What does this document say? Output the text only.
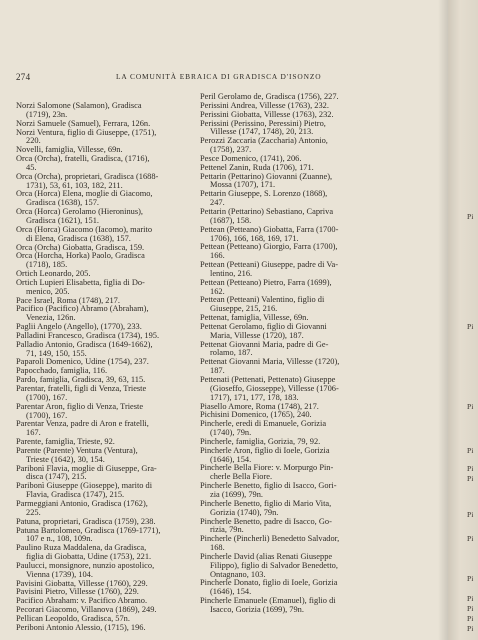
274	LA COMUNITÀ EBRAICA DI GRADISCA D'ISONZO

Norzi Salomone (Salamon), Gradisca
(1719), 23n.

Norzi Samuele (Samuel), Ferrara, 126n.

Norzi Ventura, figlio di Giuseppe, (1751),
220.

Novelli, famiglia, Villesse, 69n.

Orca (Orcha), fratelli, Gradisca, (1716),
45.

Orca (Orcha), proprietari, Gradisca (1688-
1731), 53, 61, 103, 182, 211.

Orca (Horca) Elena, moglie di Giacomo,
Gradisca (1638), 157.

Orca (Horca) Gerolamo (Hieroninus),
Gradisca (1621), 151.

Orca (Horca) Giacomo (Iacomo), marito
di Elena, Gradisca (1638), 157.

Orca (Orcha) Giobatta, Gradisca, 159.

Orca (Horcha, Horka) Paolo, Gradisca
(1718), 185.

Ortich Leonardo, 205.

Ortich Lupieri Elisabetta, figlia di Do-
menico, 205.

Pace Israel, Roma (1748), 217.

Pacifico (Pacifico) Abramo (Abraham),
Venezia, 126n.

Paglii Angelo (Angello), (1770), 233.

Palladini Francesco, Gradisca (1734), 195.

Palladio Antonio, Gradisca (1649-1662),
71, 149, 150, 155.

Paparoli Domenico, Udine (1754), 237.

Papocchado, famiglia, 116.

Pardo, famiglia, Gradisca, 39, 63, 115.

Parentar, fratelli, figli di Venza, Trieste
(1700), 167.

Parentar Aron, figlio di Venza, Trieste
(1700), 167.

Parentar Venza, padre di Aron e fratelli,
167.

Parente, famiglia, Trieste, 92.

Parente (Parente) Ventura (Ventura),
Trieste (1642), 30, 154.

Paribonì Flavia, moglie di Giuseppe, Gra-
disca (1747), 215.

Paribonì Giuseppe (Gioseppe), marito di
Flavia, Gradisca (1747), 215.

Parmeggiani Antonio, Gradisca (1762),
225.

Patuna, proprietari, Gradisca (1759), 238.

Patuna Bartolomeo, Gradisca (1769-1771),
107 e n., 108, 109n.

Paulino Ruza Maddalena, da Gradisca,
figlia di Giobatta, Udine (1753), 221.

Paulucci, monsignore, nunzio apostolico,
Vienna (1739), 104.

Pavisini Giobatta, Villesse (1760), 229.

Pavisini Pietro, Villesse (1760), 229.

Pacifico Abraham: v. Pacifico Abramo.

Pecorari Giacomo, Villanova (1869), 249.

Pellican Leopoldo, Gradisca, 57n.

Periboni Antonio Alessio, (1715), 196.

Peril Gerolamo de, Gradisca (1756), 227.

Perissini Andrea, Villesse (1763), 232.

Perissini Giobatta, Villesse (1763), 232.

Perissini (Perissino, Peressini) Pietro,
Villesse (1747, 1748), 20, 213.

Perozzi Zaccaria (Zaccharia) Antonio,
(1758), 237.

Pesce Domenico, (1741), 206.

Pettenel Zanin, Ruda (1706), 171.

Pettarin (Pettarino) Giovanni (Zuanne),
Mossa (1707), 171.

Pettarin Giuseppe, S. Lorenzo (1868),
247.

Pettarin (Pettarino) Sebastiano, Capriva
(1687), 158.

Pettean (Petteano) Giobatta, Farra (1700-
1706), 166, 168, 169, 171.

Pettean (Petteano) Giorgio, Farra (1700),
166.

Pettean (Petteani) Giuseppe, padre di Va-
lentino, 216.

Pettean (Petteano) Pietro, Farra (1699),
162.

Pettean (Petteani) Valentino, figlio di
Giuseppe, 215, 216.

Pettenat, famiglia, Villesse, 69n.

Pettenat Gerolamo, figlio di Giovanni
Maria, Villesse (1720), 187.

Pettenat Giovanni Maria, padre di Ge-
rolamo, 187.

Pettenat Giovanni Maria, Villesse (1720),
187.

Pettenati (Pettenati, Pettenato) Giuseppe
(Gioseffo, Giosseppe), Villesse (1706-
1717), 171, 177, 178, 183.

Piasello Amore, Roma (1748), 217.

Pichisini Domenico, (1765), 240.

Pincherle, eredi di Emanuele, Gorizia
(1740), 79n.

Pincherle, famiglia, Gorizia, 79, 92.

Pincherle Aron, figlio di Ioele, Gorizia
(1646), 154.

Pincherle Bella Fiore: v. Morpurgo Pin-
cherle Bella Fiore.

Pincherle Benetto, figlio di Isacco, Gori-
zia (1699), 79n.

Pincherle Benetto, figlio di Mario Vita,
Gorizia (1740), 79n.

Pincherle Benetto, padre di Isacco, Go-
rizia, 79n.

Pincherle (Pincherli) Benedetto Salvador,
168.

Pincherle David (alias Renati Giuseppe
Filippo), figlio di Salvador Benedetto,
Ontagnano, 103.

Pincherle Donato, figlio di Ioele, Gorizia
(1646), 154.

Pincherle Emanuele (Emanuel), figlio di
Isacco, Gorizia (1699), 79n.

Pi
Pi
Pi
Pi
Pi
Pi
Pi
Pi
Pi
Pi
Pi
Pi
Pi
